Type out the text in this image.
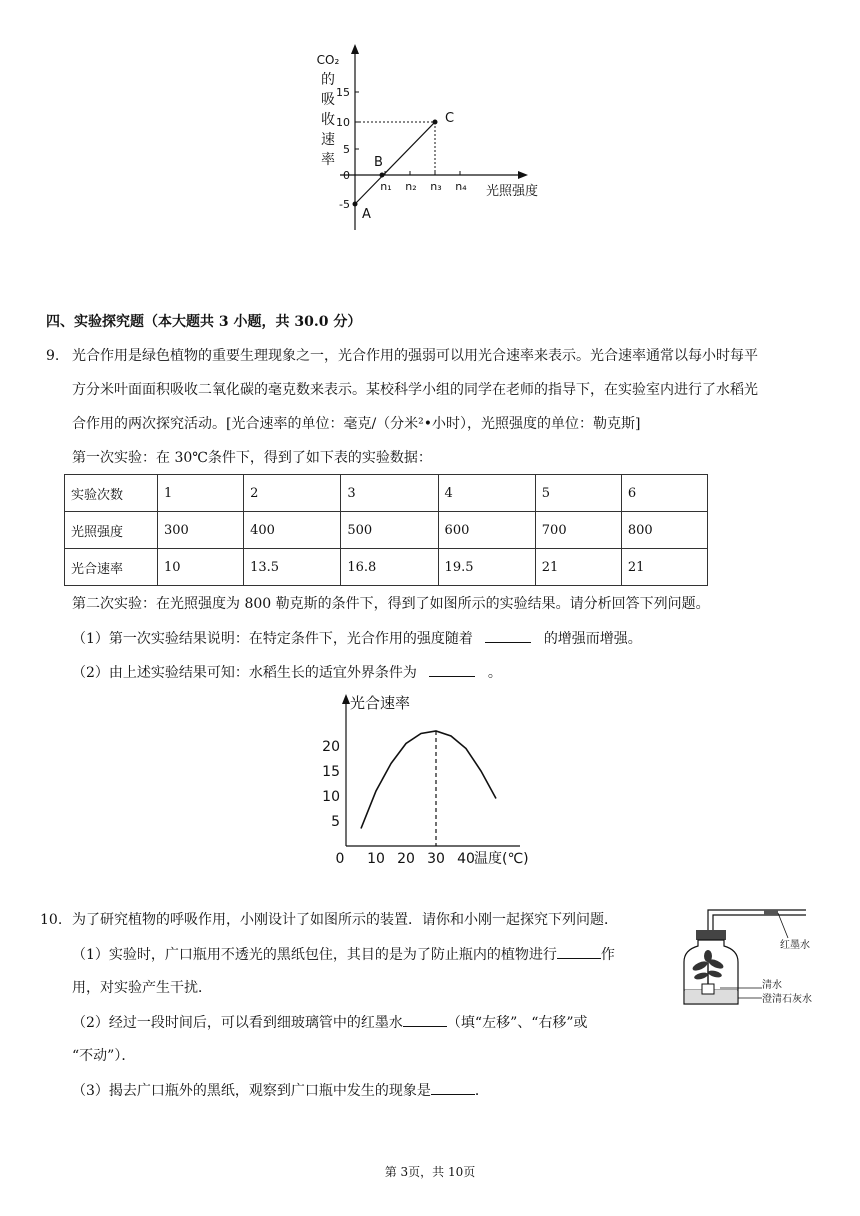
CO₂
的
吸
收
速
率
15
10
5
0
-5
n₁ n₂ n₃ n₄ 光照强度
A
B
C
四、实验探究题（本大题共 3 小题，共 30.0 分）
9. 光合作用是绿色植物的重要生理现象之一，光合作用的强弱可以用光合速率来表示。光合速率通常以每小时每平
方分米叶面面积吸收二氧化碳的毫克数来表示。某校科学小组的同学在老师的指导下，在实验室内进行了水稻光
合作用的两次探究活动。[光合速率的单位：毫克/（分米²•小时），光照强度的单位：勒克斯]
第一次实验：在 30℃条件下，得到了如下表的实验数据：
实验次数	1	2	3	4	5	6
光照强度	300	400	500	600	700	800
光合速率	10	13.5	16.8	19.5	21	21
第二次实验：在光照强度为 800 勒克斯的条件下，得到了如图所示的实验结果。请分析回答下列问题。
（1）第一次实验结果说明：在特定条件下，光合作用的强度随着	的增强而增强。
（2）由上述实验结果可知：水稻生长的适宜外界条件为	。
光合速率
20
15
10
5
0 10 20 30 40 温度(℃)
10. 为了研究植物的呼吸作用，小刚设计了如图所示的装置．请你和小刚一起探究下列问题．
（1）实验时，广口瓶用不透光的黑纸包住，其目的是为了防止瓶内的植物进行	作
用，对实验产生干扰．
（2）经过一段时间后，可以看到细玻璃管中的红墨水	（填“左移”、“右移”或
“不动”）．
（3）揭去广口瓶外的黑纸，观察到广口瓶中发生的现象是	．
红墨水
清水
澄清石灰水
第 3页，共 10页
